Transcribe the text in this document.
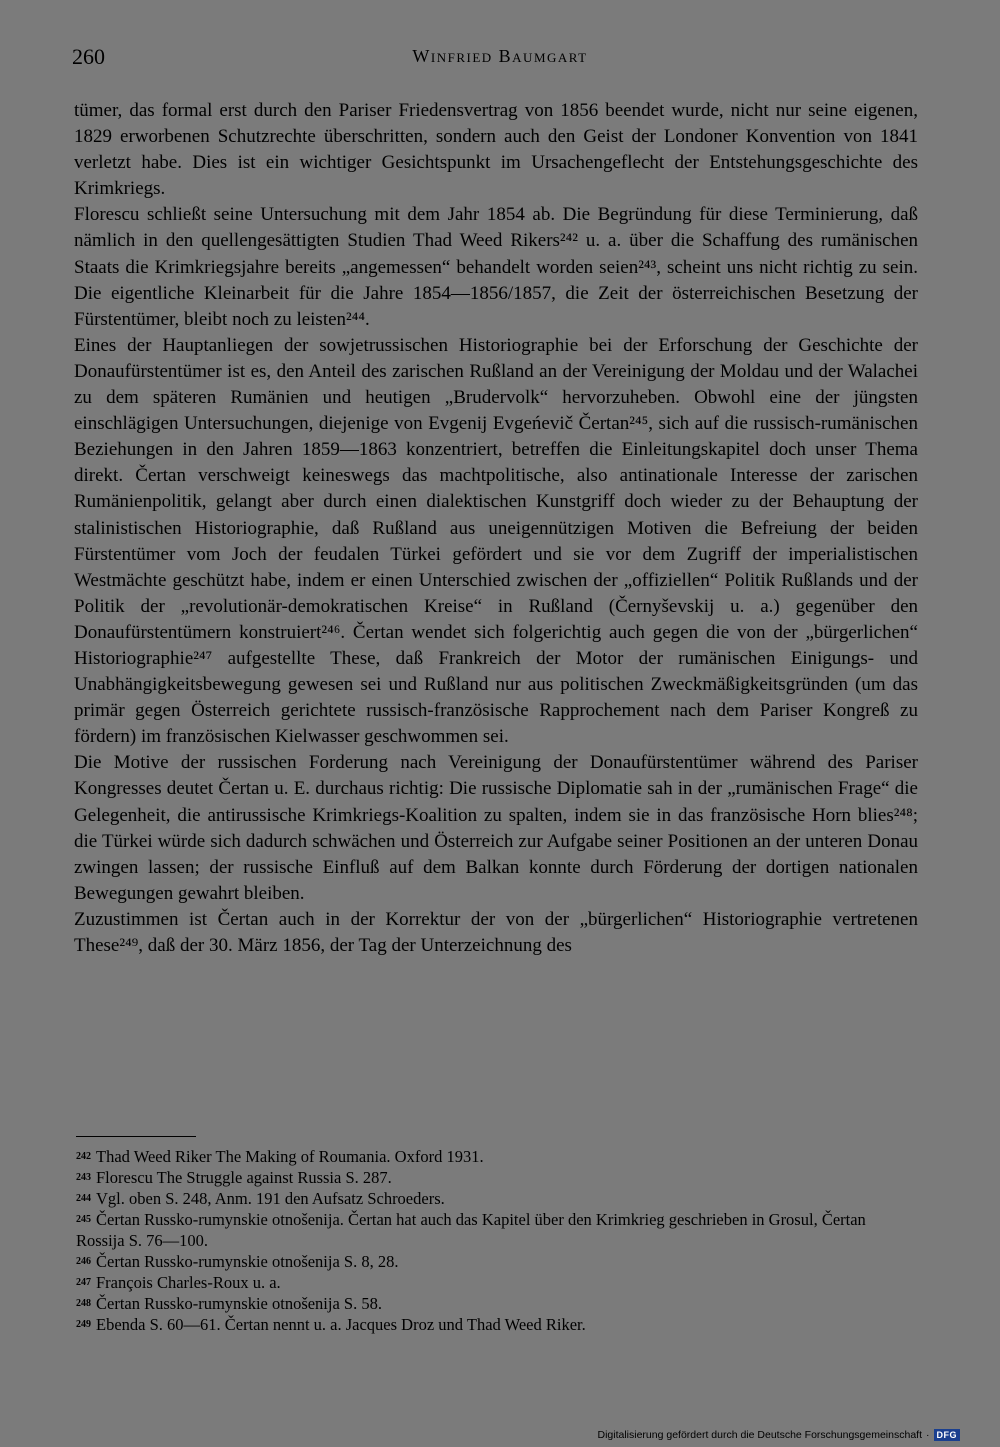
260	Winfried Baumgart

tümer, das formal erst durch den Pariser Friedensvertrag von 1856 beendet wurde, nicht nur seine eigenen, 1829 erworbenen Schutzrechte überschritten, sondern auch den Geist der Londoner Konvention von 1841 verletzt habe. Dies ist ein wichtiger Gesichtspunkt im Ursachengeflecht der Entstehungsgeschichte des Krimkriegs.

Florescu schließt seine Untersuchung mit dem Jahr 1854 ab. Die Begründung für diese Terminierung, daß nämlich in den quellengesättigten Studien Thad Weed Rikers²⁴² u. a. über die Schaffung des rumänischen Staats die Krimkriegsjahre bereits „angemessen“ behandelt worden seien²⁴³, scheint uns nicht richtig zu sein. Die eigentliche Kleinarbeit für die Jahre 1854—1856/1857, die Zeit der österreichischen Besetzung der Fürstentümer, bleibt noch zu leisten²⁴⁴.

Eines der Hauptanliegen der sowjetrussischen Historiographie bei der Erforschung der Geschichte der Donaufürstentümer ist es, den Anteil des zarischen Rußland an der Vereinigung der Moldau und der Walachei zu dem späteren Rumänien und heutigen „Brudervolk“ hervorzuheben. Obwohl eine der jüngsten einschlägigen Untersuchungen, diejenige von Evgenij Evgeńevič Čertan²⁴⁵, sich auf die russisch-rumänischen Beziehungen in den Jahren 1859—1863 konzentriert, betreffen die Einleitungskapitel doch unser Thema direkt. Čertan verschweigt keineswegs das machtpolitische, also antinationale Interesse der zarischen Rumänienpolitik, gelangt aber durch einen dialektischen Kunstgriff doch wieder zu der Behauptung der stalinistischen Historiographie, daß Rußland aus uneigennützigen Motiven die Befreiung der beiden Fürstentümer vom Joch der feudalen Türkei gefördert und sie vor dem Zugriff der imperialistischen Westmächte geschützt habe, indem er einen Unterschied zwischen der „offiziellen“ Politik Rußlands und der Politik der „revolutionär-demokratischen Kreise“ in Rußland (Černyševskij u. a.) gegenüber den Donaufürstentümern konstruiert²⁴⁶. Čertan wendet sich folgerichtig auch gegen die von der „bürgerlichen“ Historiographie²⁴⁷ aufgestellte These, daß Frankreich der Motor der rumänischen Einigungs- und Unabhängigkeitsbewegung gewesen sei und Rußland nur aus politischen Zweckmäßigkeitsgründen (um das primär gegen Österreich gerichtete russisch-französische Rapprochement nach dem Pariser Kongreß zu fördern) im französischen Kielwasser geschwommen sei.

Die Motive der russischen Forderung nach Vereinigung der Donaufürstentümer während des Pariser Kongresses deutet Čertan u. E. durchaus richtig: Die russische Diplomatie sah in der „rumänischen Frage“ die Gelegenheit, die antirussische Krimkriegs-Koalition zu spalten, indem sie in das französische Horn blies²⁴⁸; die Türkei würde sich dadurch schwächen und Österreich zur Aufgabe seiner Positionen an der unteren Donau zwingen lassen; der russische Einfluß auf dem Balkan konnte durch Förderung der dortigen nationalen Bewegungen gewahrt bleiben.

Zuzustimmen ist Čertan auch in der Korrektur der von der „bürgerlichen“ Historiographie vertretenen These²⁴⁹, daß der 30. März 1856, der Tag der Unterzeichnung des

$^{242}$ Thad Weed Riker The Making of Roumania. Oxford 1931.

$^{243}$ Florescu The Struggle against Russia S. 287.

$^{244}$ Vgl. oben S. 248, Anm. 191 den Aufsatz Schroeders.

$^{245}$ Čertan Russko-rumynskie otnošenija. Čertan hat auch das Kapitel über den Krimkrieg geschrieben in Grosul, Čertan Rossija S. 76—100.

$^{246}$ Čertan Russko-rumynskie otnošenija S. 8, 28.

$^{247}$ François Charles-Roux u. a.

$^{248}$ Čertan Russko-rumynskie otnošenija S. 58.

$^{249}$ Ebenda S. 60—61. Čertan nennt u. a. Jacques Droz und Thad Weed Riker.

Digitalisierung gefördert durch die Deutsche Forschungsgemeinschaft · DFG
